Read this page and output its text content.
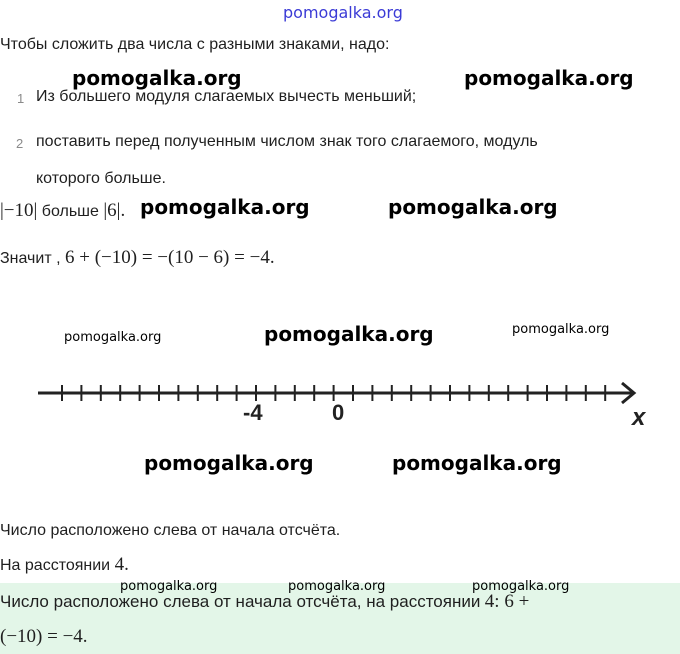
pomogalka.org
Чтобы сложить два числа с разными знаками, надо:
1 Из большего модуля слагаемых вычесть меньший;
2 поставить перед полученным числом знак того слагаемого, модуль
которого больше.
|−10| больше |6|.
Значит , 6 + (−10) = −(10 − 6) = −4.
-4	0	x
Число расположено слева от начала отсчёта.
На расстоянии 4.
Число расположено слева от начала отсчёта, на расстоянии 4: 6 +
(−10) = −4.
pomogalka.org	pomogalka.org
pomogalka.org	pomogalka.org
pomogalka.org	pomogalka.org	pomogalka.org
pomogalka.org	pomogalka.org
pomogalka.org	pomogalka.org	pomogalka.org
